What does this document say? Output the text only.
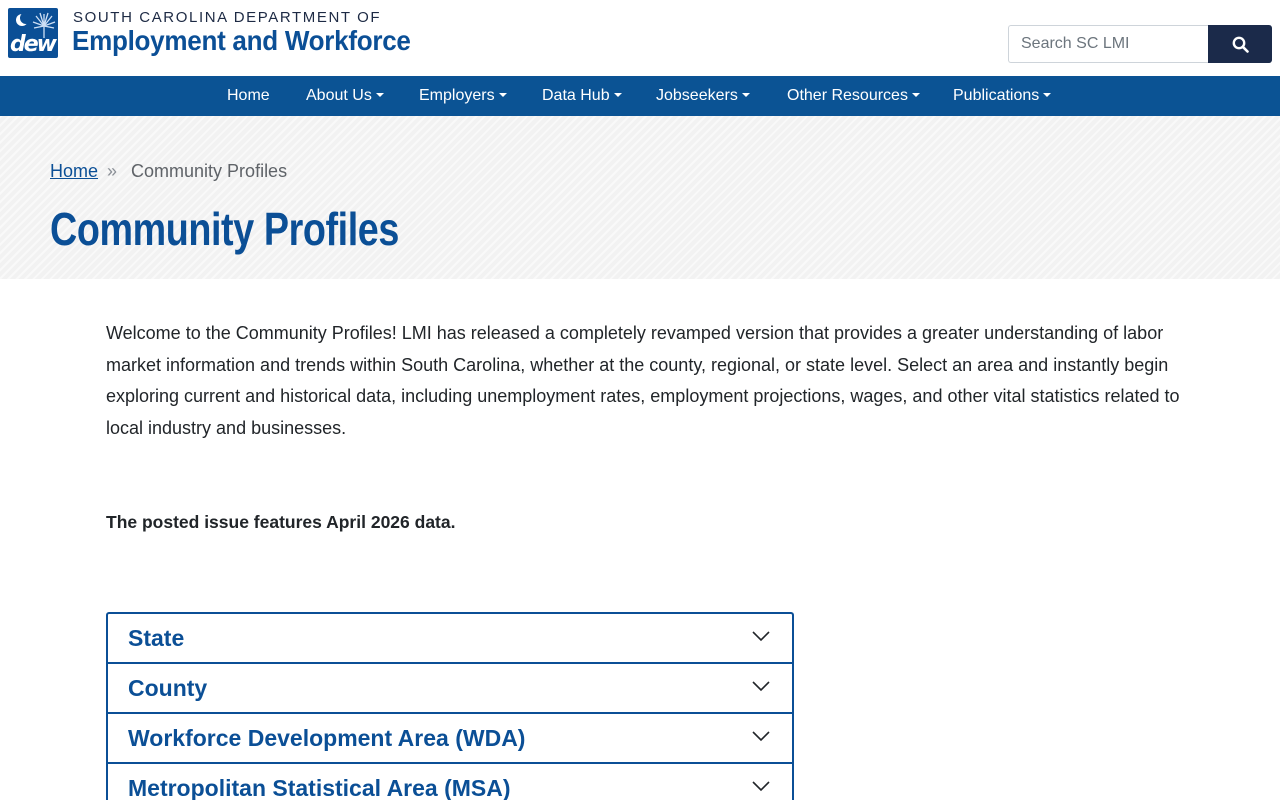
dew
SOUTH CAROLINA DEPARTMENT OF
Employment and Workforce
Search SC LMI
Home About Us	Employers	Data Hub	Jobseekers	Other Resources	Publications
Home » Community Profiles
Community Profiles

Welcome to the Community Profiles! LMI has released a completely revamped version that provides a greater understanding of labor market information and trends within South Carolina, whether at the county, regional, or state level. Select an area and instantly begin exploring current and historical data, including unemployment rates, employment projections, wages, and other vital statistics related to local industry and businesses.

The posted issue features April 2026 data.

State
County
Workforce Development Area (WDA)
Metropolitan Statistical Area (MSA)
